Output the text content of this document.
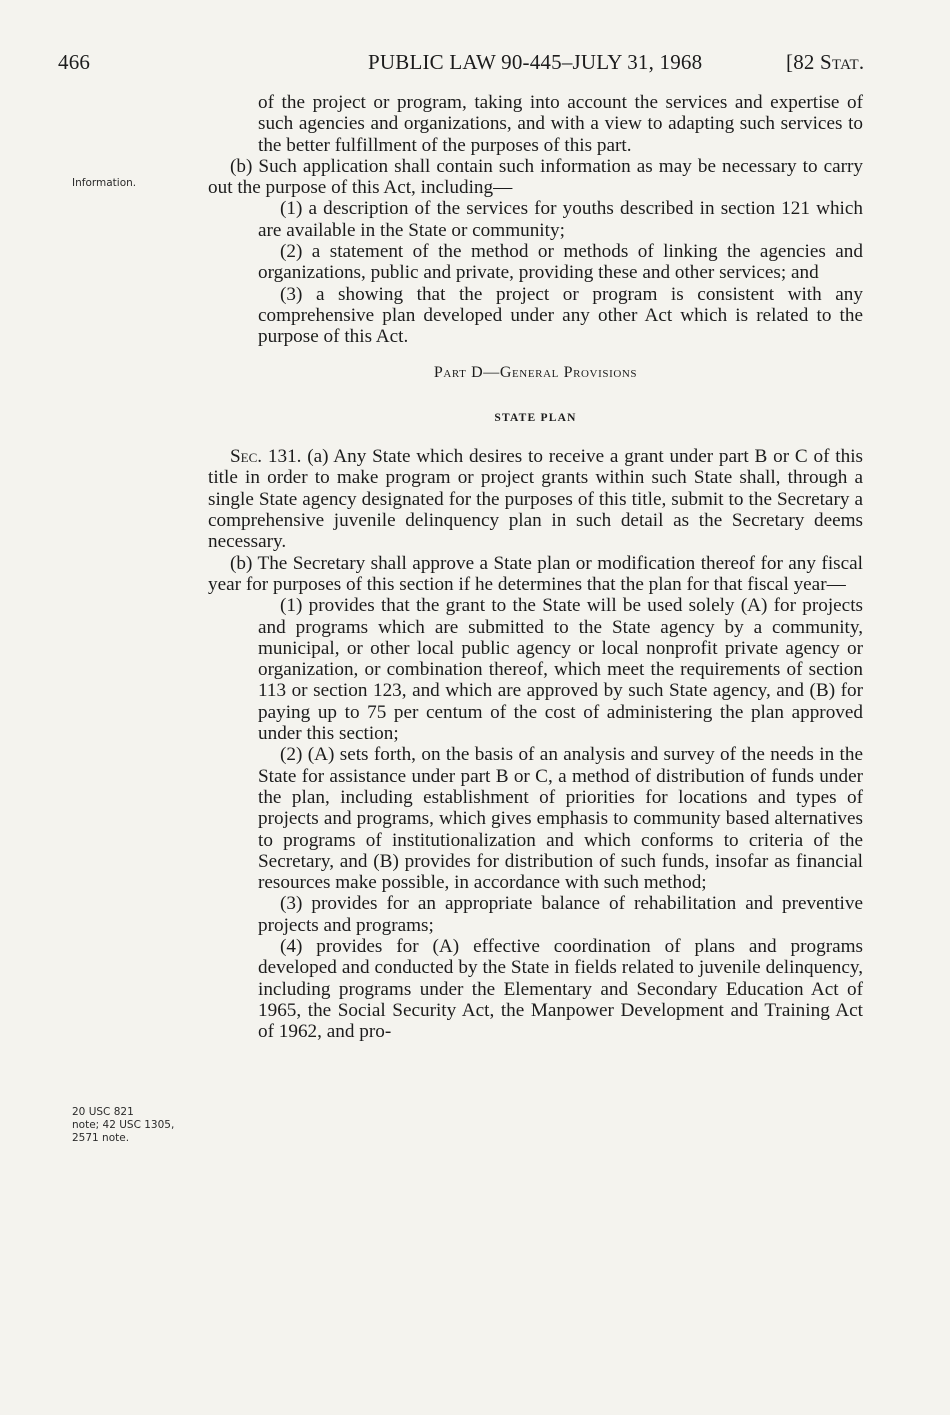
466	PUBLIC LAW 90-445–JULY 31, 1968	[82 Stat.
Information.
20 USC 821
note; 42 USC 1305,
2571 note.

of the project or program, taking into account the services and expertise of such agencies and organizations, and with a view to adapting such services to the better fulfillment of the purposes of this part.

(b) Such application shall contain such information as may be necessary to carry out the purpose of this Act, including—

(1) a description of the services for youths described in section 121 which are available in the State or community;

(2) a statement of the method or methods of linking the agencies and organizations, public and private, providing these and other services; and

(3) a showing that the project or program is consistent with any comprehensive plan developed under any other Act which is related to the purpose of this Act.

Part D—General Provisions
STATE PLAN

Sec. 131. (a) Any State which desires to receive a grant under part B or C of this title in order to make program or project grants within such State shall, through a single State agency designated for the purposes of this title, submit to the Secretary a comprehensive juvenile delinquency plan in such detail as the Secretary deems necessary.

(b) The Secretary shall approve a State plan or modification thereof for any fiscal year for purposes of this section if he determines that the plan for that fiscal year—

(1) provides that the grant to the State will be used solely (A) for projects and programs which are submitted to the State agency by a community, municipal, or other local public agency or local nonprofit private agency or organization, or combination thereof, which meet the requirements of section 113 or section 123, and which are approved by such State agency, and (B) for paying up to 75 per centum of the cost of administering the plan approved under this section;

(2) (A) sets forth, on the basis of an analysis and survey of the needs in the State for assistance under part B or C, a method of distribution of funds under the plan, including establishment of priorities for locations and types of projects and programs, which gives emphasis to community based alternatives to programs of institutionalization and which conforms to criteria of the Secretary, and (B) provides for distribution of such funds, insofar as financial resources make possible, in accordance with such method;

(3) provides for an appropriate balance of rehabilitation and preventive projects and programs;

(4) provides for (A) effective coordination of plans and programs developed and conducted by the State in fields related to juvenile delinquency, including programs under the Elementary and Secondary Education Act of 1965, the Social Security Act, the Manpower Development and Training Act of 1962, and pro-
